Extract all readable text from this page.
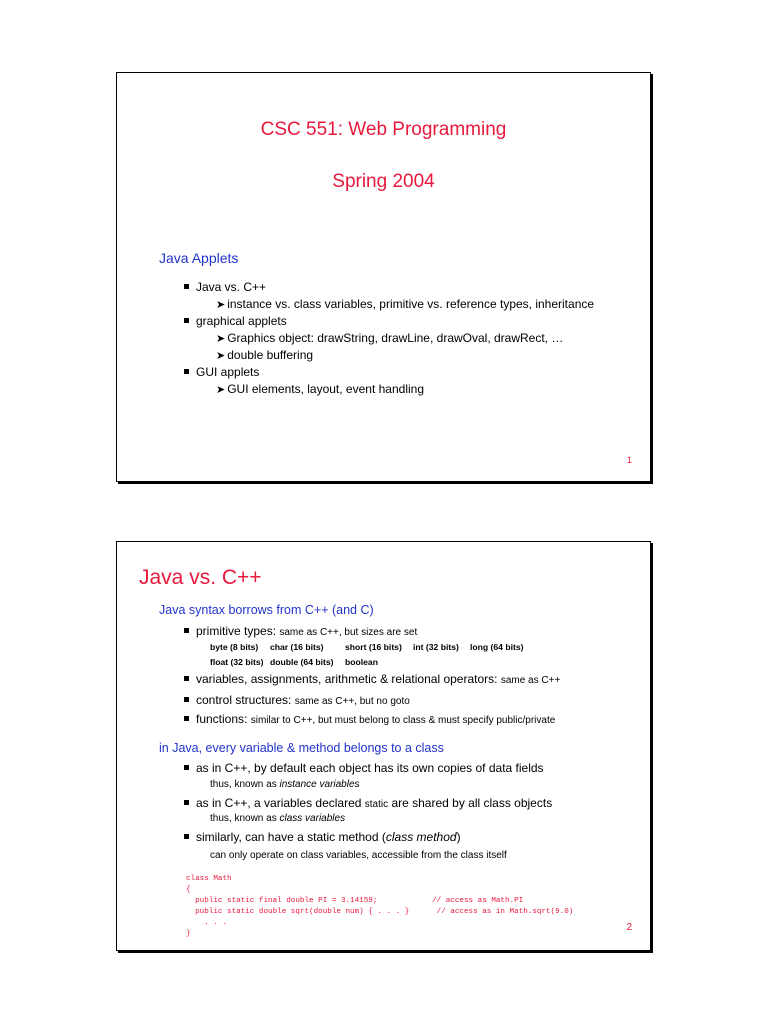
CSC 551: Web Programming
Spring 2004
Java Applets
Java vs. C++
➤ instance vs. class variables, primitive vs. reference types, inheritance
graphical applets
➤ Graphics object: drawString, drawLine, drawOval, drawRect, …
➤ double buffering
GUI applets
➤ GUI elements, layout, event handling
1
Java vs. C++
Java syntax borrows from C++ (and C)
primitive types: same as C++, but sizes are set
byte (8 bits) char (16 bits)	short (16 bits) int (32 bits) long (64 bits)
float (32 bits) double (64 bits) boolean
variables, assignments, arithmetic & relational operators: same as C++
control structures: same as C++, but no goto
functions: similar to C++, but must belong to class & must specify public/private
in Java, every variable & method belongs to a class
as in C++, by default each object has its own copies of data fields
thus, known as instance variables
as in C++, a variables declared static are shared by all class objects
thus, known as class variables
similarly, can have a static method (class method)
can only operate on class variables, accessible from the class itself
class Math
{
public static final double PI = 3.14159;            // access as Math.PI
public static double sqrt(double num) { . . . }      // access as in Math.sqrt(9.0)
. . .
}
2
